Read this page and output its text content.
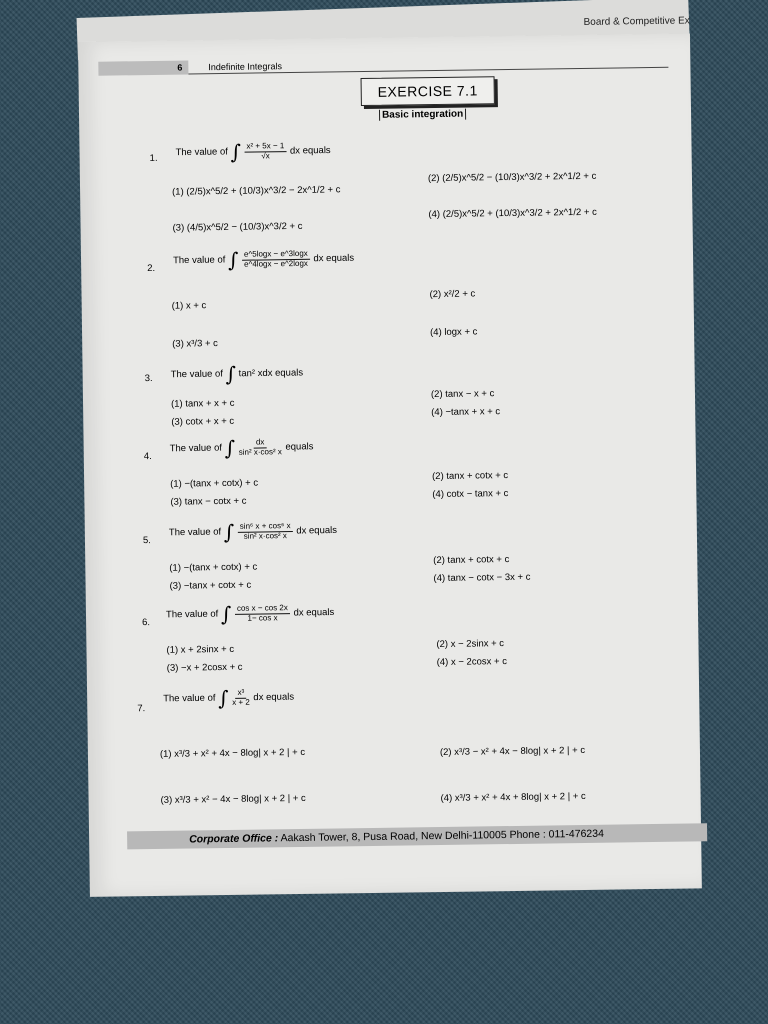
Board & Competitive Ex
6	Indefinite Integrals
EXERCISE 7.1
Basic integration
1.
The value of ∫ $\frac{\text{x² + 5x − 1}}{√x}$ dx equals
(1) (2/5)x^5/2 + (10/3)x^3/2 − 2x^1/2 + c
(2) (2/5)x^5/2 − (10/3)x^3/2 + 2x^1/2 + c
(3) (4/5)x^5/2 − (10/3)x^3/2 + c
(4) (2/5)x^5/2 + (10/3)x^3/2 + 2x^1/2 + c
2.
The value of ∫ $\frac{e\^{}5\log x - e\^{}3\log x}{e\^{}4\log x - e\^{}2\log x}$ dx equals
(1) x + c
(2) x²/2 + c
(3) x³/3 + c
(4) logx + c
3. The value of ∫ tan² xdx equals
(1) tanx + x + c
(2) tanx − x + c
(3) cotx + x + c
(4) −tanx + x + c
4.
The value of ∫ $\frac{dx}{\text{sin² x·cos² x}}$ equals
(1) −(tanx + cotx) + c
(2) tanx + cotx + c
(3) tanx − cotx + c
(4) cotx − tanx + c
5.
The value of ∫ $\frac{\text{sin⁶ x + cos⁶ x}}{\text{sin² x·cos² x}}$ dx equals
(1) −(tanx + cotx) + c
(2) tanx + cotx + c
(3) −tanx + cotx + c
(4) tanx − cotx − 3x + c
6.
The value of ∫ $\frac{\text{cos x − cos 2x}}{\text{1− cos x}}$ dx equals
(1) x + 2sinx + c	(2) x − 2sinx + c
(3) −x + 2cosx + c	(4) x − 2cosx + c
7.
The value of ∫ $\frac{\text{x³}}{x + 2}$ dx equals
(1) x³/3 + x² + 4x − 8log| x + 2 | + c	(2) x³/3 − x² + 4x − 8log| x + 2 | + c
(3) x³/3 + x² − 4x − 8log| x + 2 | + c	(4) x³/3 + x² + 4x + 8log| x + 2 | + c
Corporate Office : Aakash Tower, 8, Pusa Road, New Delhi-110005 Phone : 011-476234
